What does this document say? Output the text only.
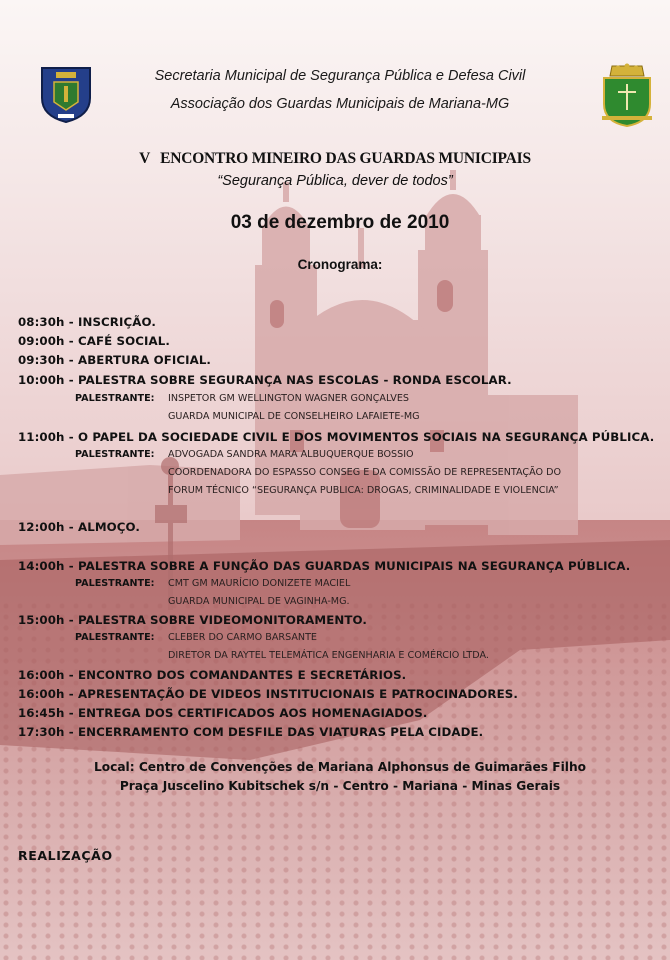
Secretaria Municipal de Segurança Pública e Defesa Civil
Associação dos Guardas Municipais de Mariana-MG
V ENCONTRO MINEIRO DAS GUARDAS MUNICIPAIS
“Segurança Pública, dever de todos”
03 de dezembro de 2010
Cronograma:
08:30h - INSCRIÇÃO.
09:00h - CAFÉ SOCIAL.
09:30h - ABERTURA OFICIAL.
10:00h - PALESTRA SOBRE SEGURANÇA NAS ESCOLAS - RONDA ESCOLAR.
PALESTRANTE: INSPETOR GM WELLINGTON WAGNER GONÇALVES
GUARDA MUNICIPAL DE CONSELHEIRO LAFAIETE-MG
11:00h - O PAPEL DA SOCIEDADE CIVIL E DOS MOVIMENTOS SOCIAIS NA SEGURANÇA PÚBLICA.
PALESTRANTE: ADVOGADA SANDRA MARA ALBUQUERQUE BOSSIO
COORDENADORA DO ESPASSO CONSEG E DA COMISSÃO DE REPRESENTAÇÃO DO
FORUM TÉCNICO “SEGURANÇA PUBLICA: DROGAS, CRIMINALIDADE E VIOLENCIA”
12:00h - ALMOÇO.
14:00h - PALESTRA SOBRE A FUNÇÃO DAS GUARDAS MUNICIPAIS NA SEGURANÇA PÚBLICA.
PALESTRANTE: CMT GM MAURÍCIO DONIZETE MACIEL
GUARDA MUNICIPAL DE VAGINHA-MG.
15:00h - PALESTRA SOBRE VIDEOMONITORAMENTO.
PALESTRANTE: CLEBER DO CARMO BARSANTE
DIRETOR DA RAYTEL TELEMÁTICA ENGENHARIA E COMÉRCIO LTDA.
16:00h - ENCONTRO DOS COMANDANTES E SECRETÁRIOS.
16:00h - APRESENTAÇÃO DE VIDEOS INSTITUCIONAIS E PATROCINADORES.
16:45h - ENTREGA DOS CERTIFICADOS AOS HOMENAGIADOS.
17:30h - ENCERRAMENTO COM DESFILE DAS VIATURAS PELA CIDADE.
Local: Centro de Convenções de Mariana Alphonsus de Guimarães Filho
Praça Juscelino Kubitschek s/n - Centro - Mariana - Minas Gerais
REALIZAÇÃO
